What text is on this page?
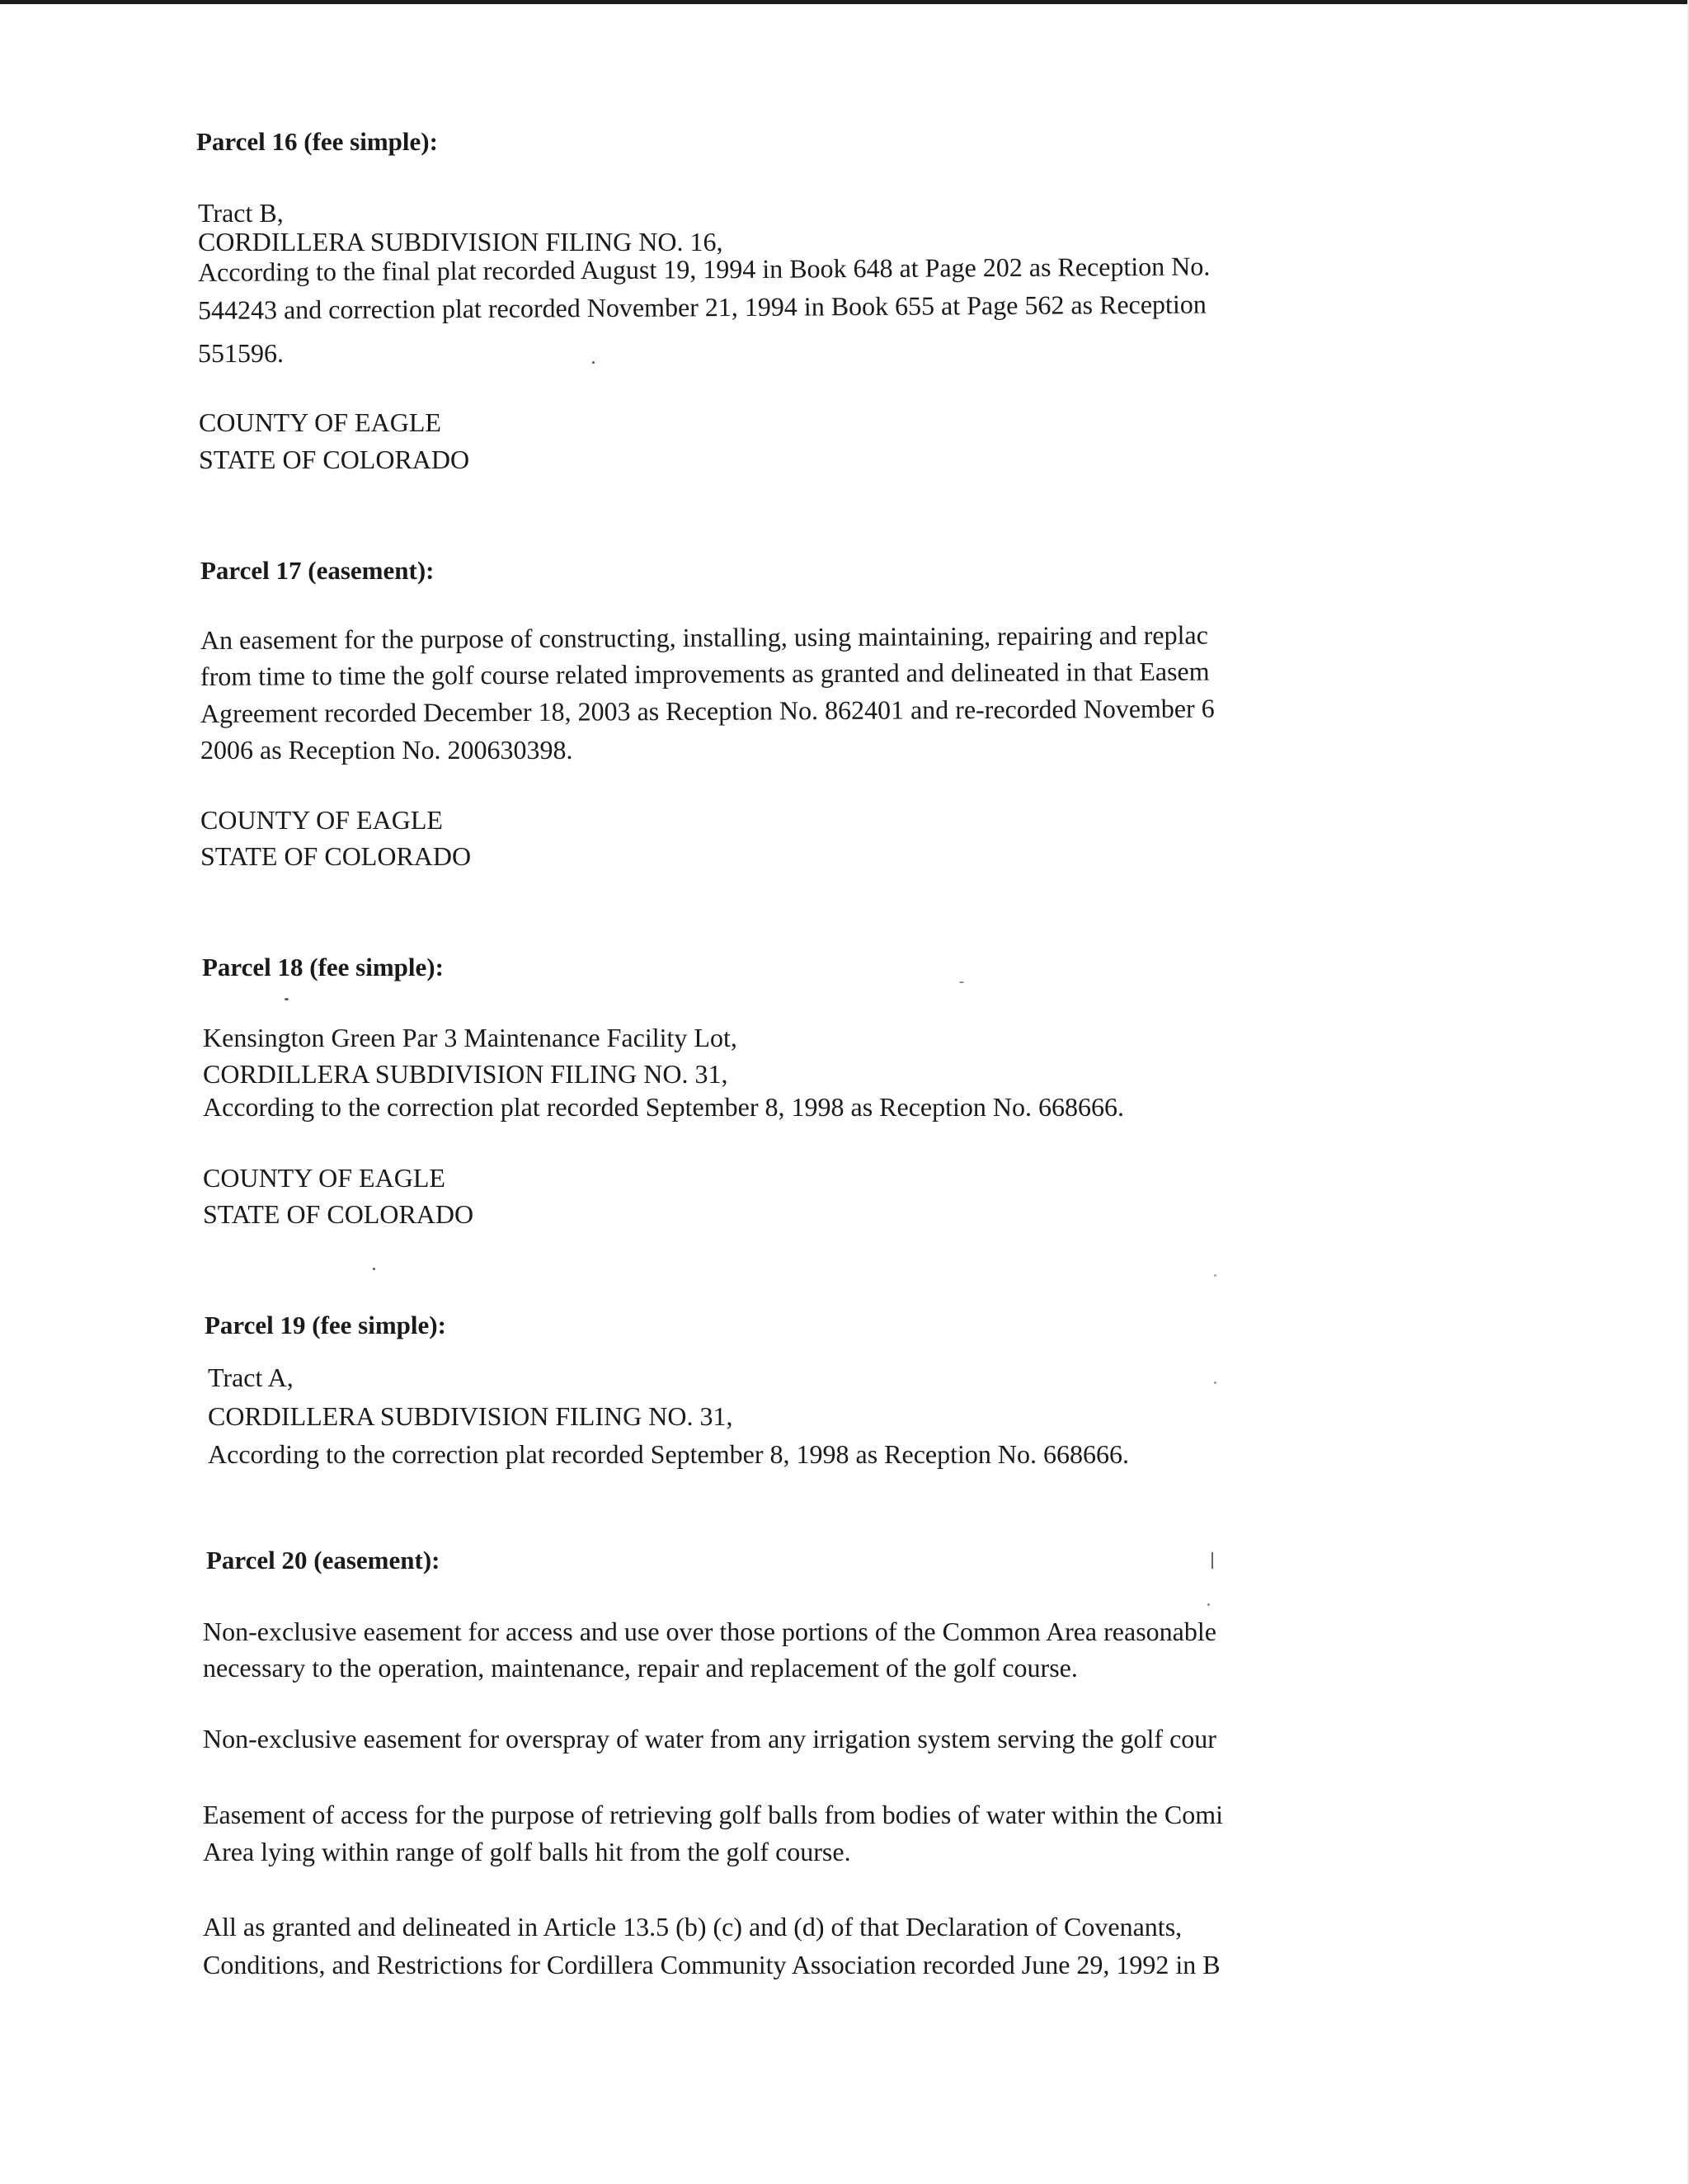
Parcel 16 (fee simple):
Tract B,
CORDILLERA SUBDIVISION FILING NO. 16,
According to the final plat recorded August 19, 1994 in Book 648 at Page 202 as Reception No.
544243 and correction plat recorded November 21, 1994 in Book 655 at Page 562 as Reception
551596.
COUNTY OF EAGLE
STATE OF COLORADO
Parcel 17 (easement):
An easement for the purpose of constructing, installing, using maintaining, repairing and replac
from time to time the golf course related improvements as granted and delineated in that Easem
Agreement recorded December 18, 2003 as Reception No. 862401 and re-recorded November 6
2006 as Reception No. 200630398.
COUNTY OF EAGLE
STATE OF COLORADO
Parcel 18 (fee simple):
Kensington Green Par 3 Maintenance Facility Lot,
CORDILLERA SUBDIVISION FILING NO. 31,
According to the correction plat recorded September 8, 1998 as Reception No. 668666.
COUNTY OF EAGLE
STATE OF COLORADO
Parcel 19 (fee simple):
Tract A,
CORDILLERA SUBDIVISION FILING NO. 31,
According to the correction plat recorded September 8, 1998 as Reception No. 668666.
Parcel 20 (easement):
Non-exclusive easement for access and use over those portions of the Common Area reasonable
necessary to the operation, maintenance, repair and replacement of the golf course.
Non-exclusive easement for overspray of water from any irrigation system serving the golf cour
Easement of access for the purpose of retrieving golf balls from bodies of water within the Comi
Area lying within range of golf balls hit from the golf course.
All as granted and delineated in Article 13.5 (b) (c) and (d) of that Declaration of Covenants,
Conditions, and Restrictions for Cordillera Community Association recorded June 29, 1992 in B
